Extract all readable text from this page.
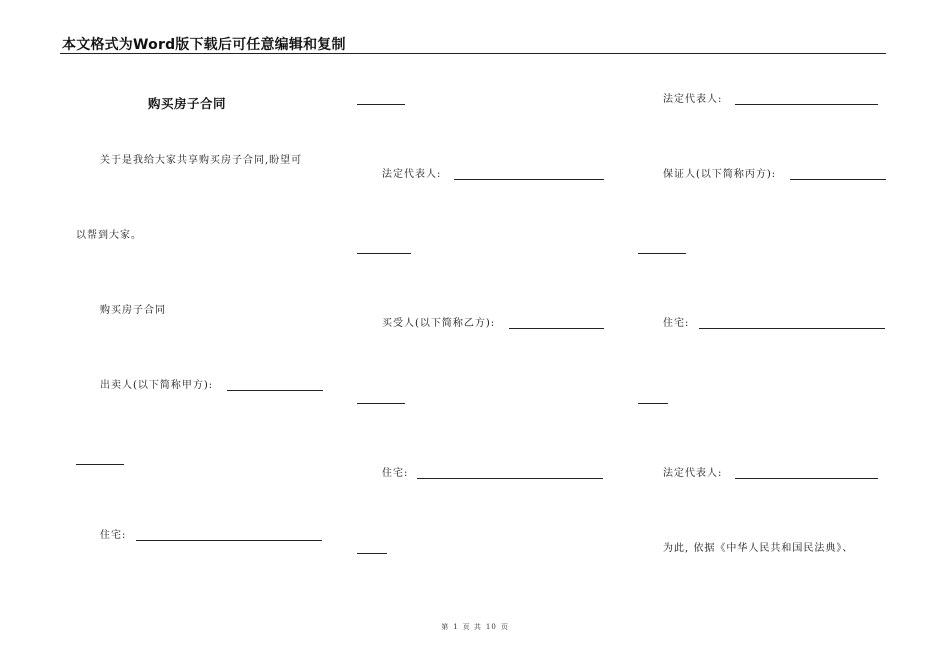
本文格式为Word版下载后可任意编辑和复制
购买房子合同
关于是我给大家共享购买房子合同,盼望可
以帮到大家。
购买房子合同
出卖人(以下简称甲方):
住宅:
法定代表人:
买受人(以下简称乙方):
住宅:
法定代表人:
保证人(以下简称丙方):
住宅:
法定代表人:
为此, 依据《中华人民共和国民法典》、
第 1 页 共 10 页
